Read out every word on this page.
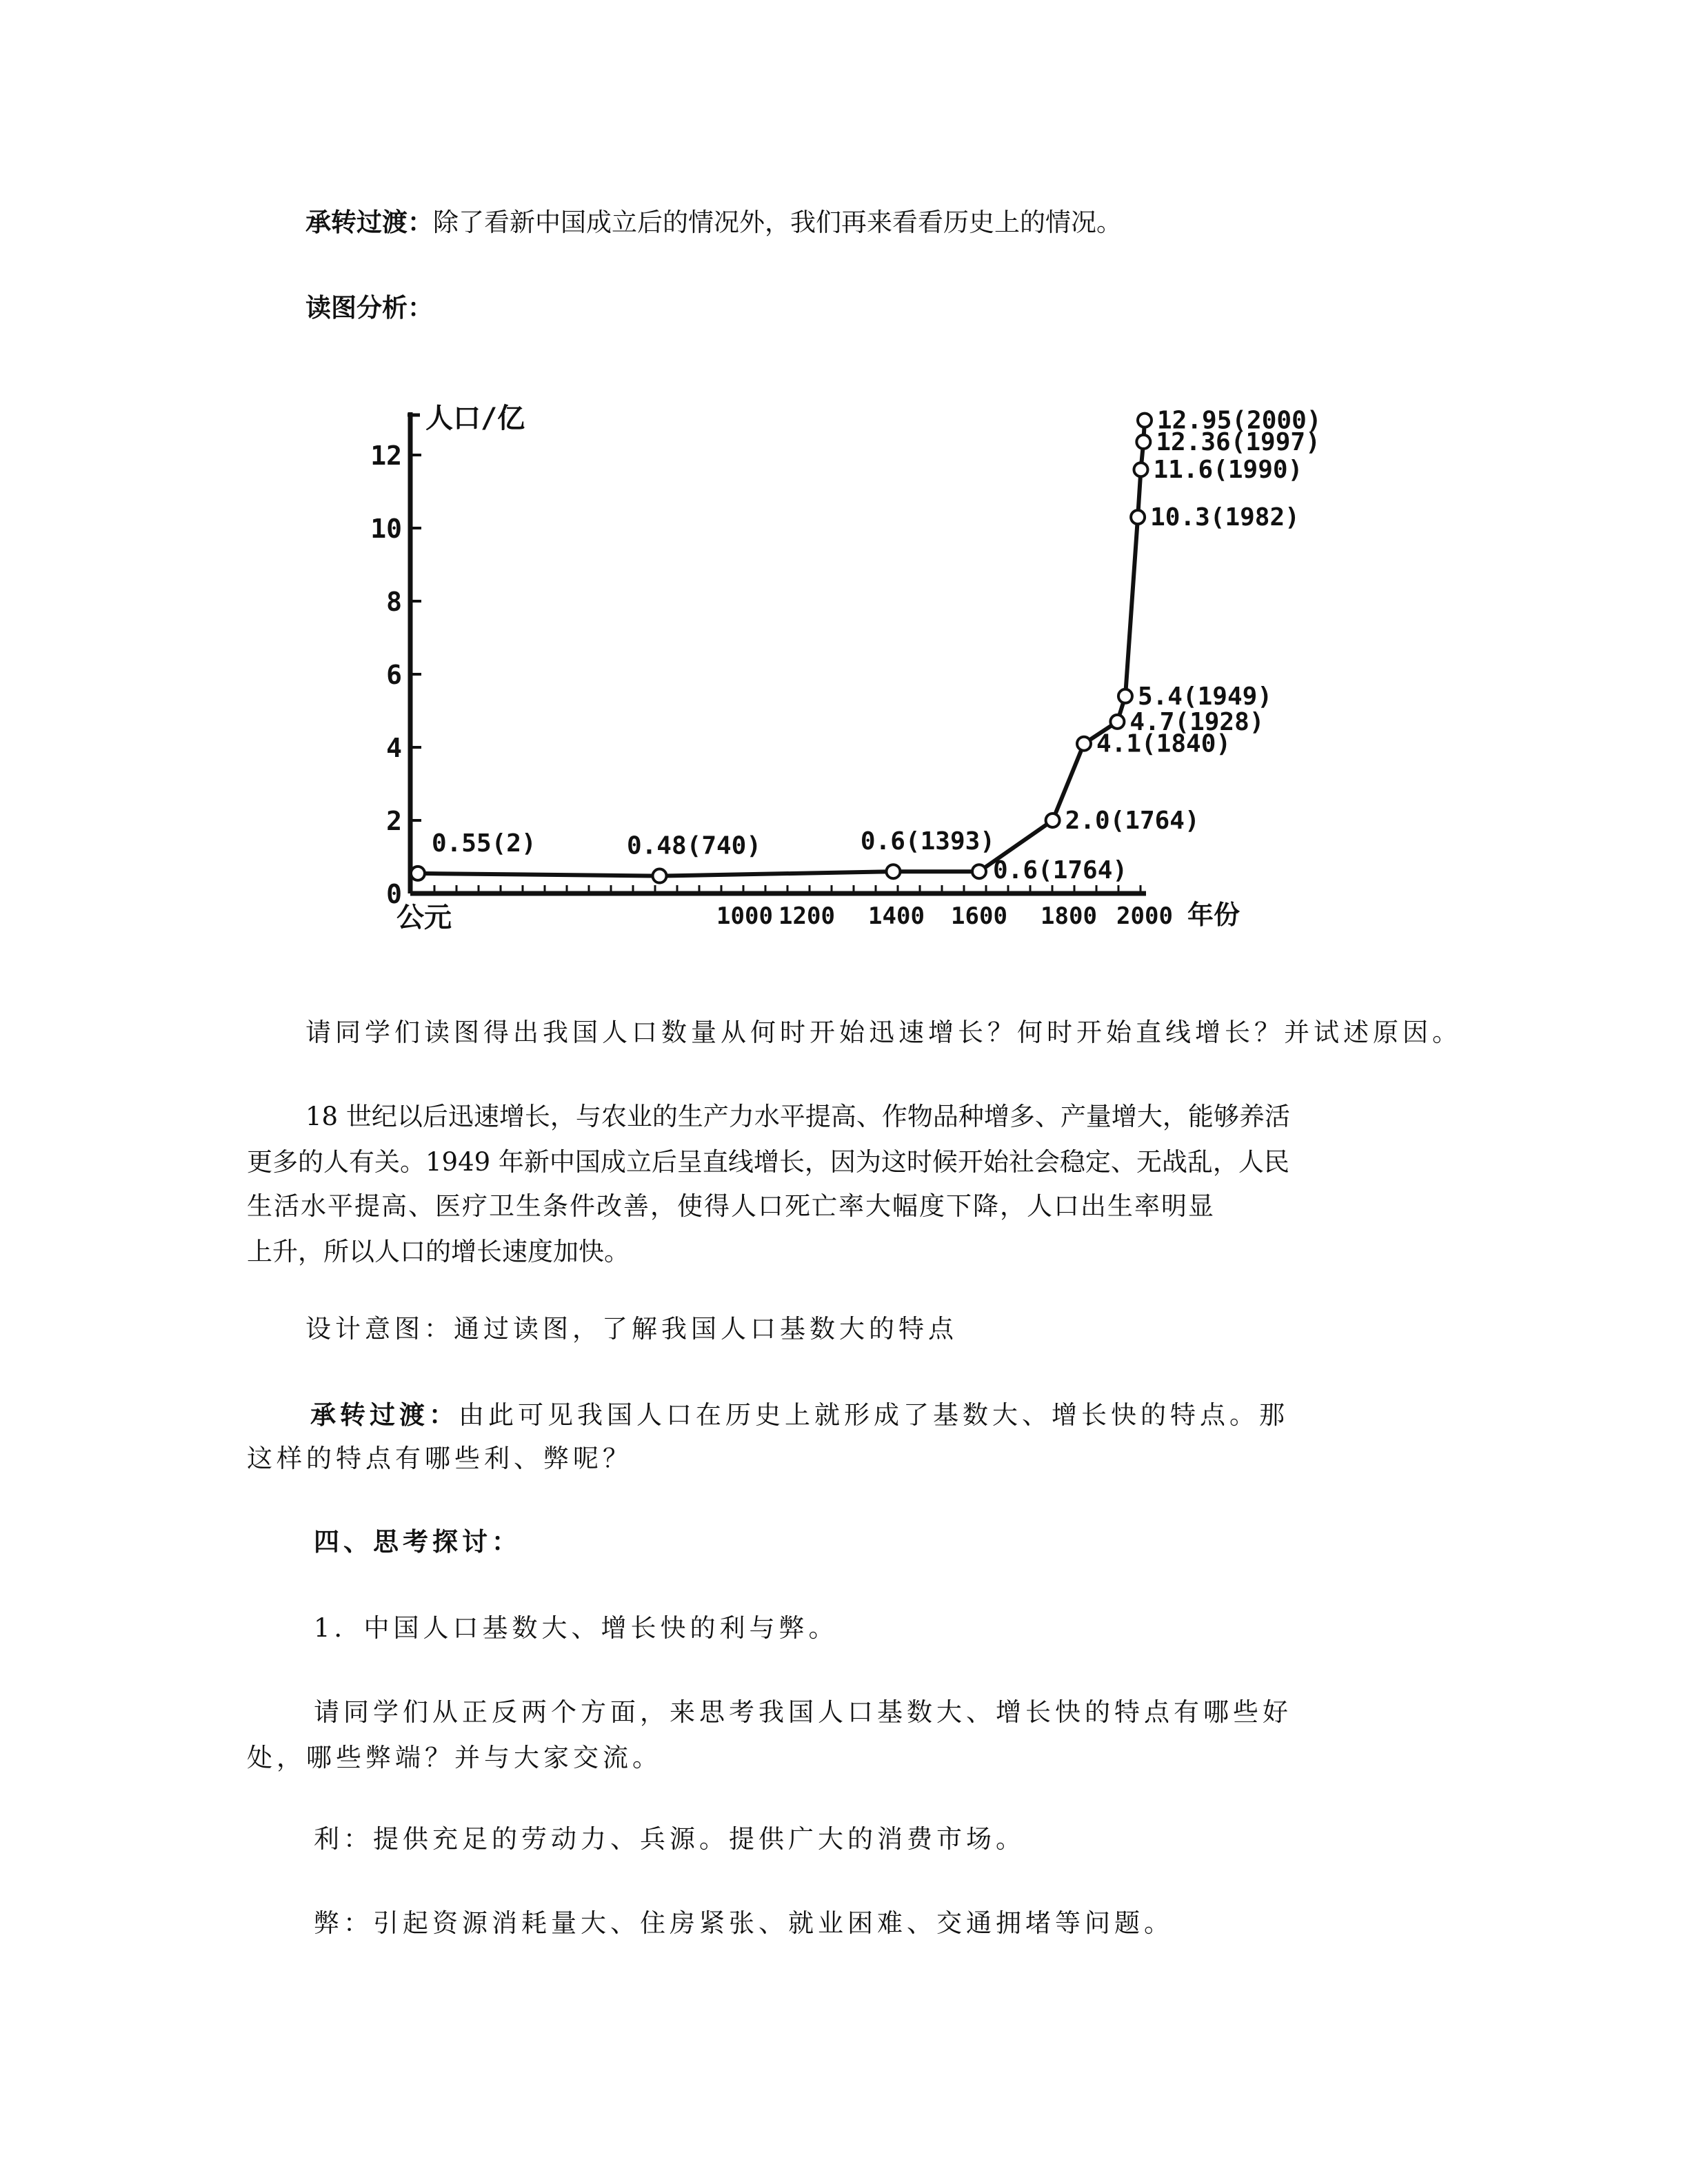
承转过渡：除了看新中国成立后的情况外，我们再来看看历史上的情况。
读图分析：
人口/亿
0
2
4
6
8
10
12
公元	1000 1200 1400 1600 1800 2000 年份
0.55(2)	0.48(740)	0.6(1393)
0.6(1764)
2.0(1764)
4.1(1840)
4.7(1928)
5.4(1949)
10.3(1982)
11.6(1990)
12.36(1997)
12.95(2000)
请同学们读图得出我国人口数量从何时开始迅速增长？何时开始直线增长？并试述原因。
18 世纪以后迅速增长，与农业的生产力水平提高、作物品种增多、产量增大，能够养活
更多的人有关。1949 年新中国成立后呈直线增长，因为这时候开始社会稳定、无战乱，人民
生活水平提高、医疗卫生条件改善，使得人口死亡率大幅度下降，人口出生率明显
上升，所以人口的增长速度加快。
设计意图：通过读图，了解我国人口基数大的特点
承转过渡：由此可见我国人口在历史上就形成了基数大、增长快的特点。那
这样的特点有哪些利、弊呢？
四、思考探讨：
1．中国人口基数大、增长快的利与弊。
请同学们从正反两个方面，来思考我国人口基数大、增长快的特点有哪些好
处，哪些弊端？并与大家交流。
利：提供充足的劳动力、兵源。提供广大的消费市场。
弊：引起资源消耗量大、住房紧张、就业困难、交通拥堵等问题。
